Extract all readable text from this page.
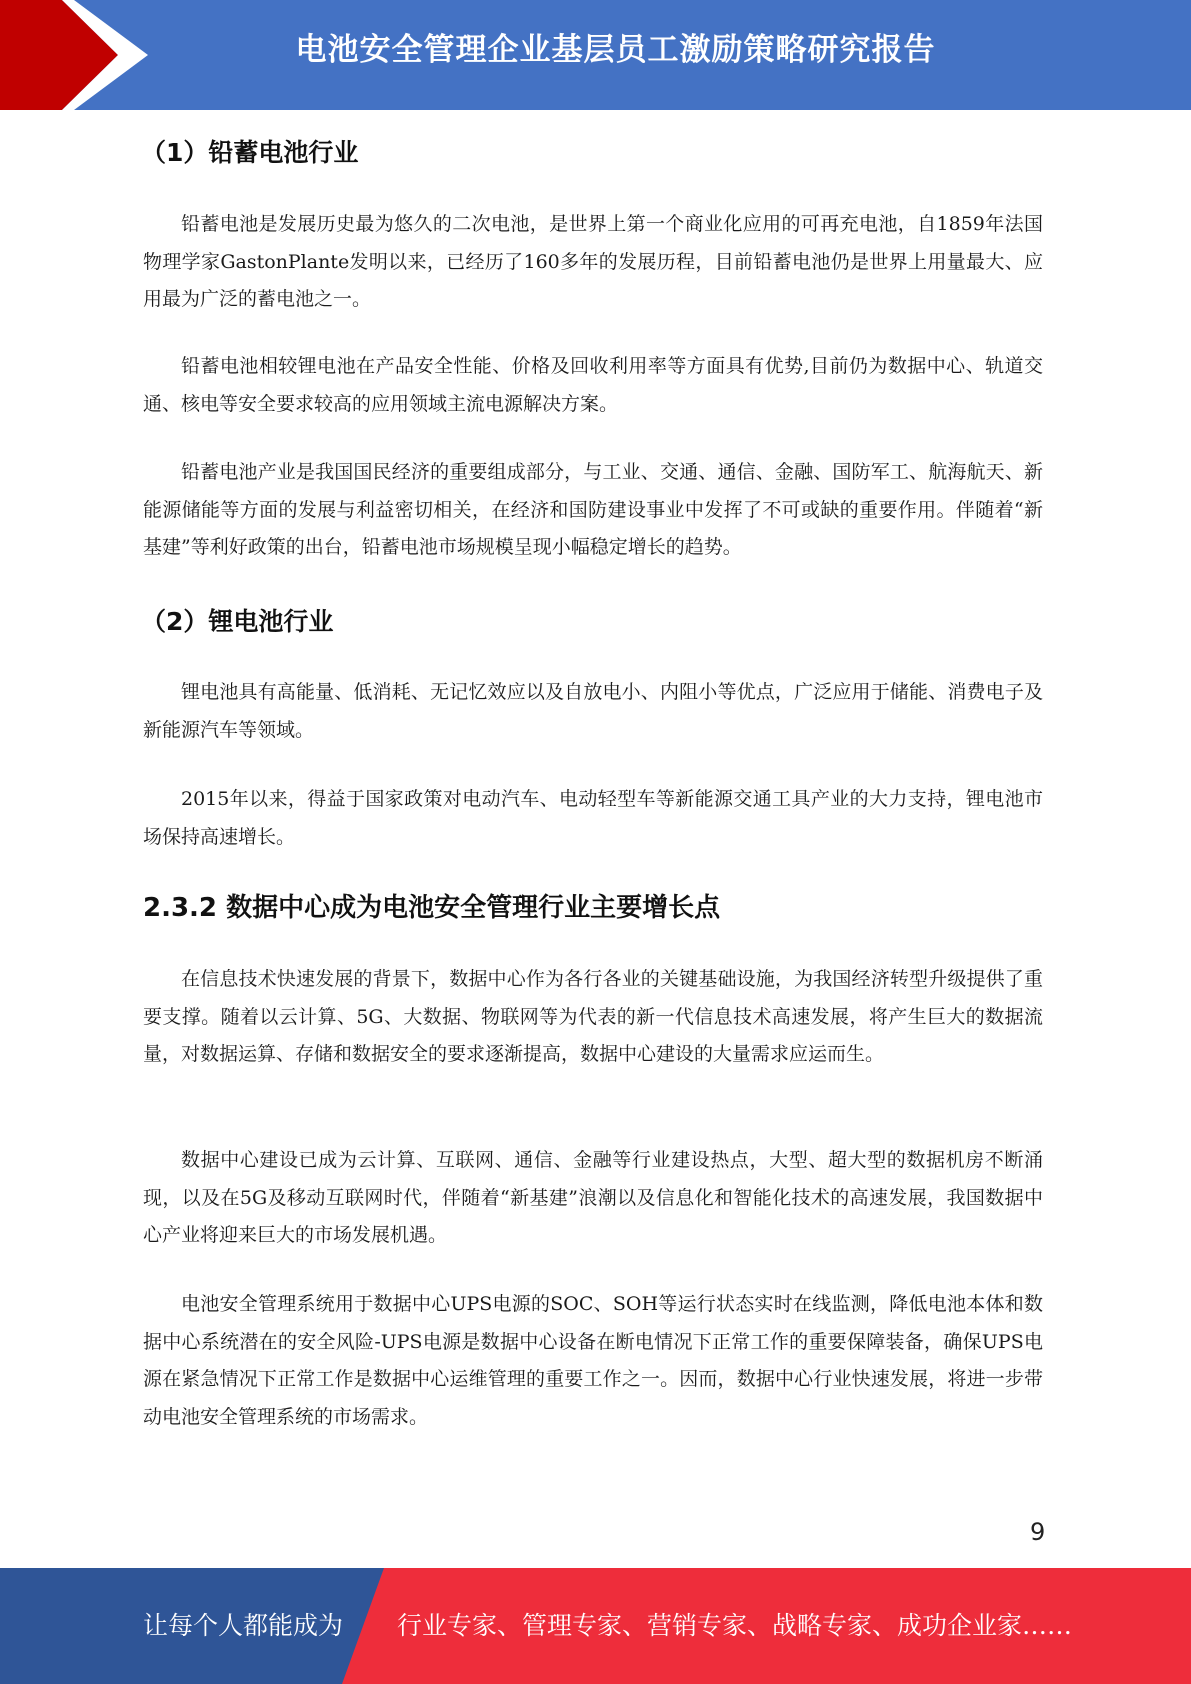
电池安全管理企业基层员工激励策略研究报告
（1）铅蓄电池行业

铅蓄电池是发展历史最为悠久的二次电池，是世界上第一个商业化应用的可再充电池，自1859年法国物理学家GastonPlante发明以来，已经历了160多年的发展历程，目前铅蓄电池仍是世界上用量最大、应用最为广泛的蓄电池之一。

铅蓄电池相较锂电池在产品安全性能、价格及回收利用率等方面具有优势,目前仍为数据中心、轨道交通、核电等安全要求较高的应用领域主流电源解决方案。

铅蓄电池产业是我国国民经济的重要组成部分，与工业、交通、通信、金融、国防军工、航海航天、新能源储能等方面的发展与利益密切相关，在经济和国防建设事业中发挥了不可或缺的重要作用。伴随着“新基建”等利好政策的出台，铅蓄电池市场规模呈现小幅稳定增长的趋势。

（2）锂电池行业

锂电池具有高能量、低消耗、无记忆效应以及自放电小、内阻小等优点，广泛应用于储能、消费电子及新能源汽车等领域。

2015年以来，得益于国家政策对电动汽车、电动轻型车等新能源交通工具产业的大力支持，锂电池市场保持高速增长。

2.3.2 数据中心成为电池安全管理行业主要增长点

在信息技术快速发展的背景下，数据中心作为各行各业的关键基础设施，为我国经济转型升级提供了重要支撑。随着以云计算、5G、大数据、物联网等为代表的新一代信息技术高速发展，将产生巨大的数据流量，对数据运算、存储和数据安全的要求逐渐提高，数据中心建设的大量需求应运而生。

数据中心建设已成为云计算、互联网、通信、金融等行业建设热点，大型、超大型的数据机房不断涌现，以及在5G及移动互联网时代，伴随着“新基建”浪潮以及信息化和智能化技术的高速发展，我国数据中心产业将迎来巨大的市场发展机遇。

电池安全管理系统用于数据中心UPS电源的SOC、SOH等运行状态实时在线监测，降低电池本体和数据中心系统潜在的安全风险-UPS电源是数据中心设备在断电情况下正常工作的重要保障装备，确保UPS电源在紧急情况下正常工作是数据中心运维管理的重要工作之一。因而，数据中心行业快速发展，将进一步带动电池安全管理系统的市场需求。

9
让每个人都能成为 行业专家、管理专家、营销专家、战略专家、成功企业家……
